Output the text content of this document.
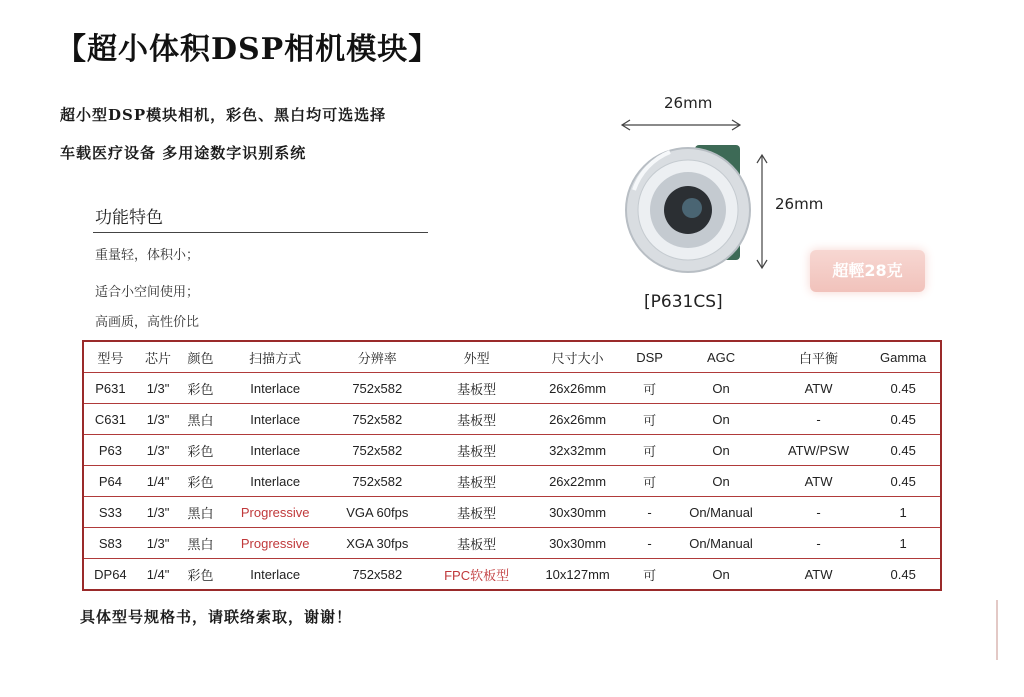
【超小体积DSP相机模块】
超小型DSP模块相机，彩色、黑白均可选选择
车载医疗设备 多用途数字识别系统
功能特色
重量轻，体积小；
适合小空间使用；
高画质，高性价比
26mm
26mm
[P631CS]
超輕28克
型号	芯片	颜色	扫描方式	分辨率	外型	尺寸大小	DSP	AGC	白平衡	Gamma
P631	1/3"	彩色	Interlace	752x582	基板型	26x26mm	可	On	ATW	0.45
C631	1/3"	黑白	Interlace	752x582	基板型	26x26mm	可	On	-	0.45
P63	1/3"	彩色	Interlace	752x582	基板型	32x32mm	可	On	ATW/PSW	0.45
P64	1/4"	彩色	Interlace	752x582	基板型	26x22mm	可	On	ATW	0.45
S33	1/3"	黑白	Progressive	VGA 60fps	基板型	30x30mm	-	On/Manual	-	1
S83	1/3"	黑白	Progressive	XGA 30fps	基板型	30x30mm	-	On/Manual	-	1
DP64	1/4"	彩色	Interlace	752x582	FPC软板型	10x127mm	可	On	ATW	0.45
具体型号规格书，请联络索取，谢谢！
